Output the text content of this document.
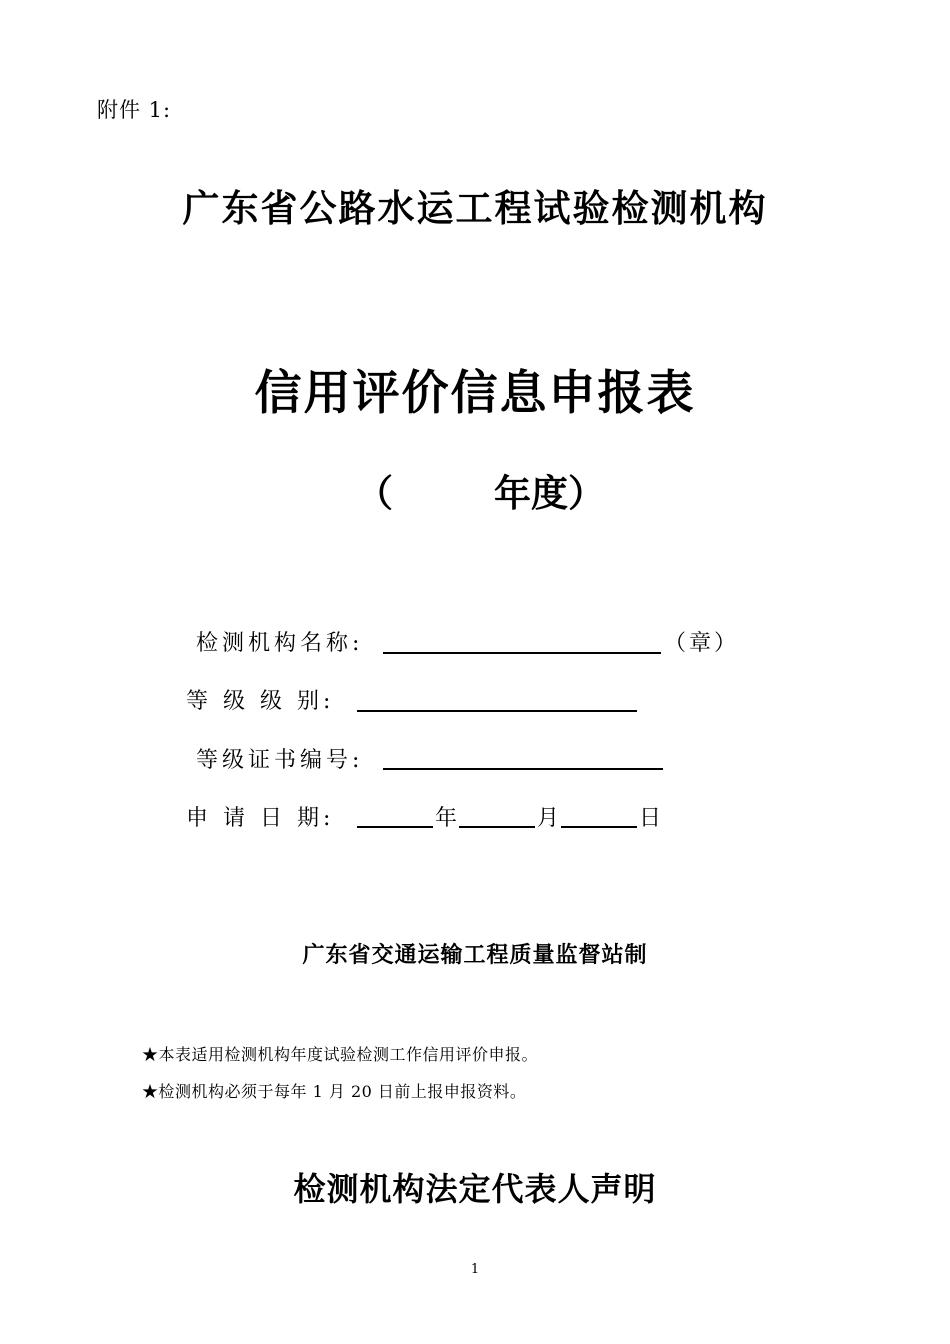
附件 1:
广东省公路水运工程试验检测机构
信用评价信息申报表
（	年度）
检测机构名称:	（章）
等 级 级 别:
等级证书编号:
申 请 日 期:	年	月	日
广东省交通运输工程质量监督站制
★本表适用检测机构年度试验检测工作信用评价申报。
★检测机构必须于每年 1 月 20 日前上报申报资料。
检测机构法定代表人声明
1
